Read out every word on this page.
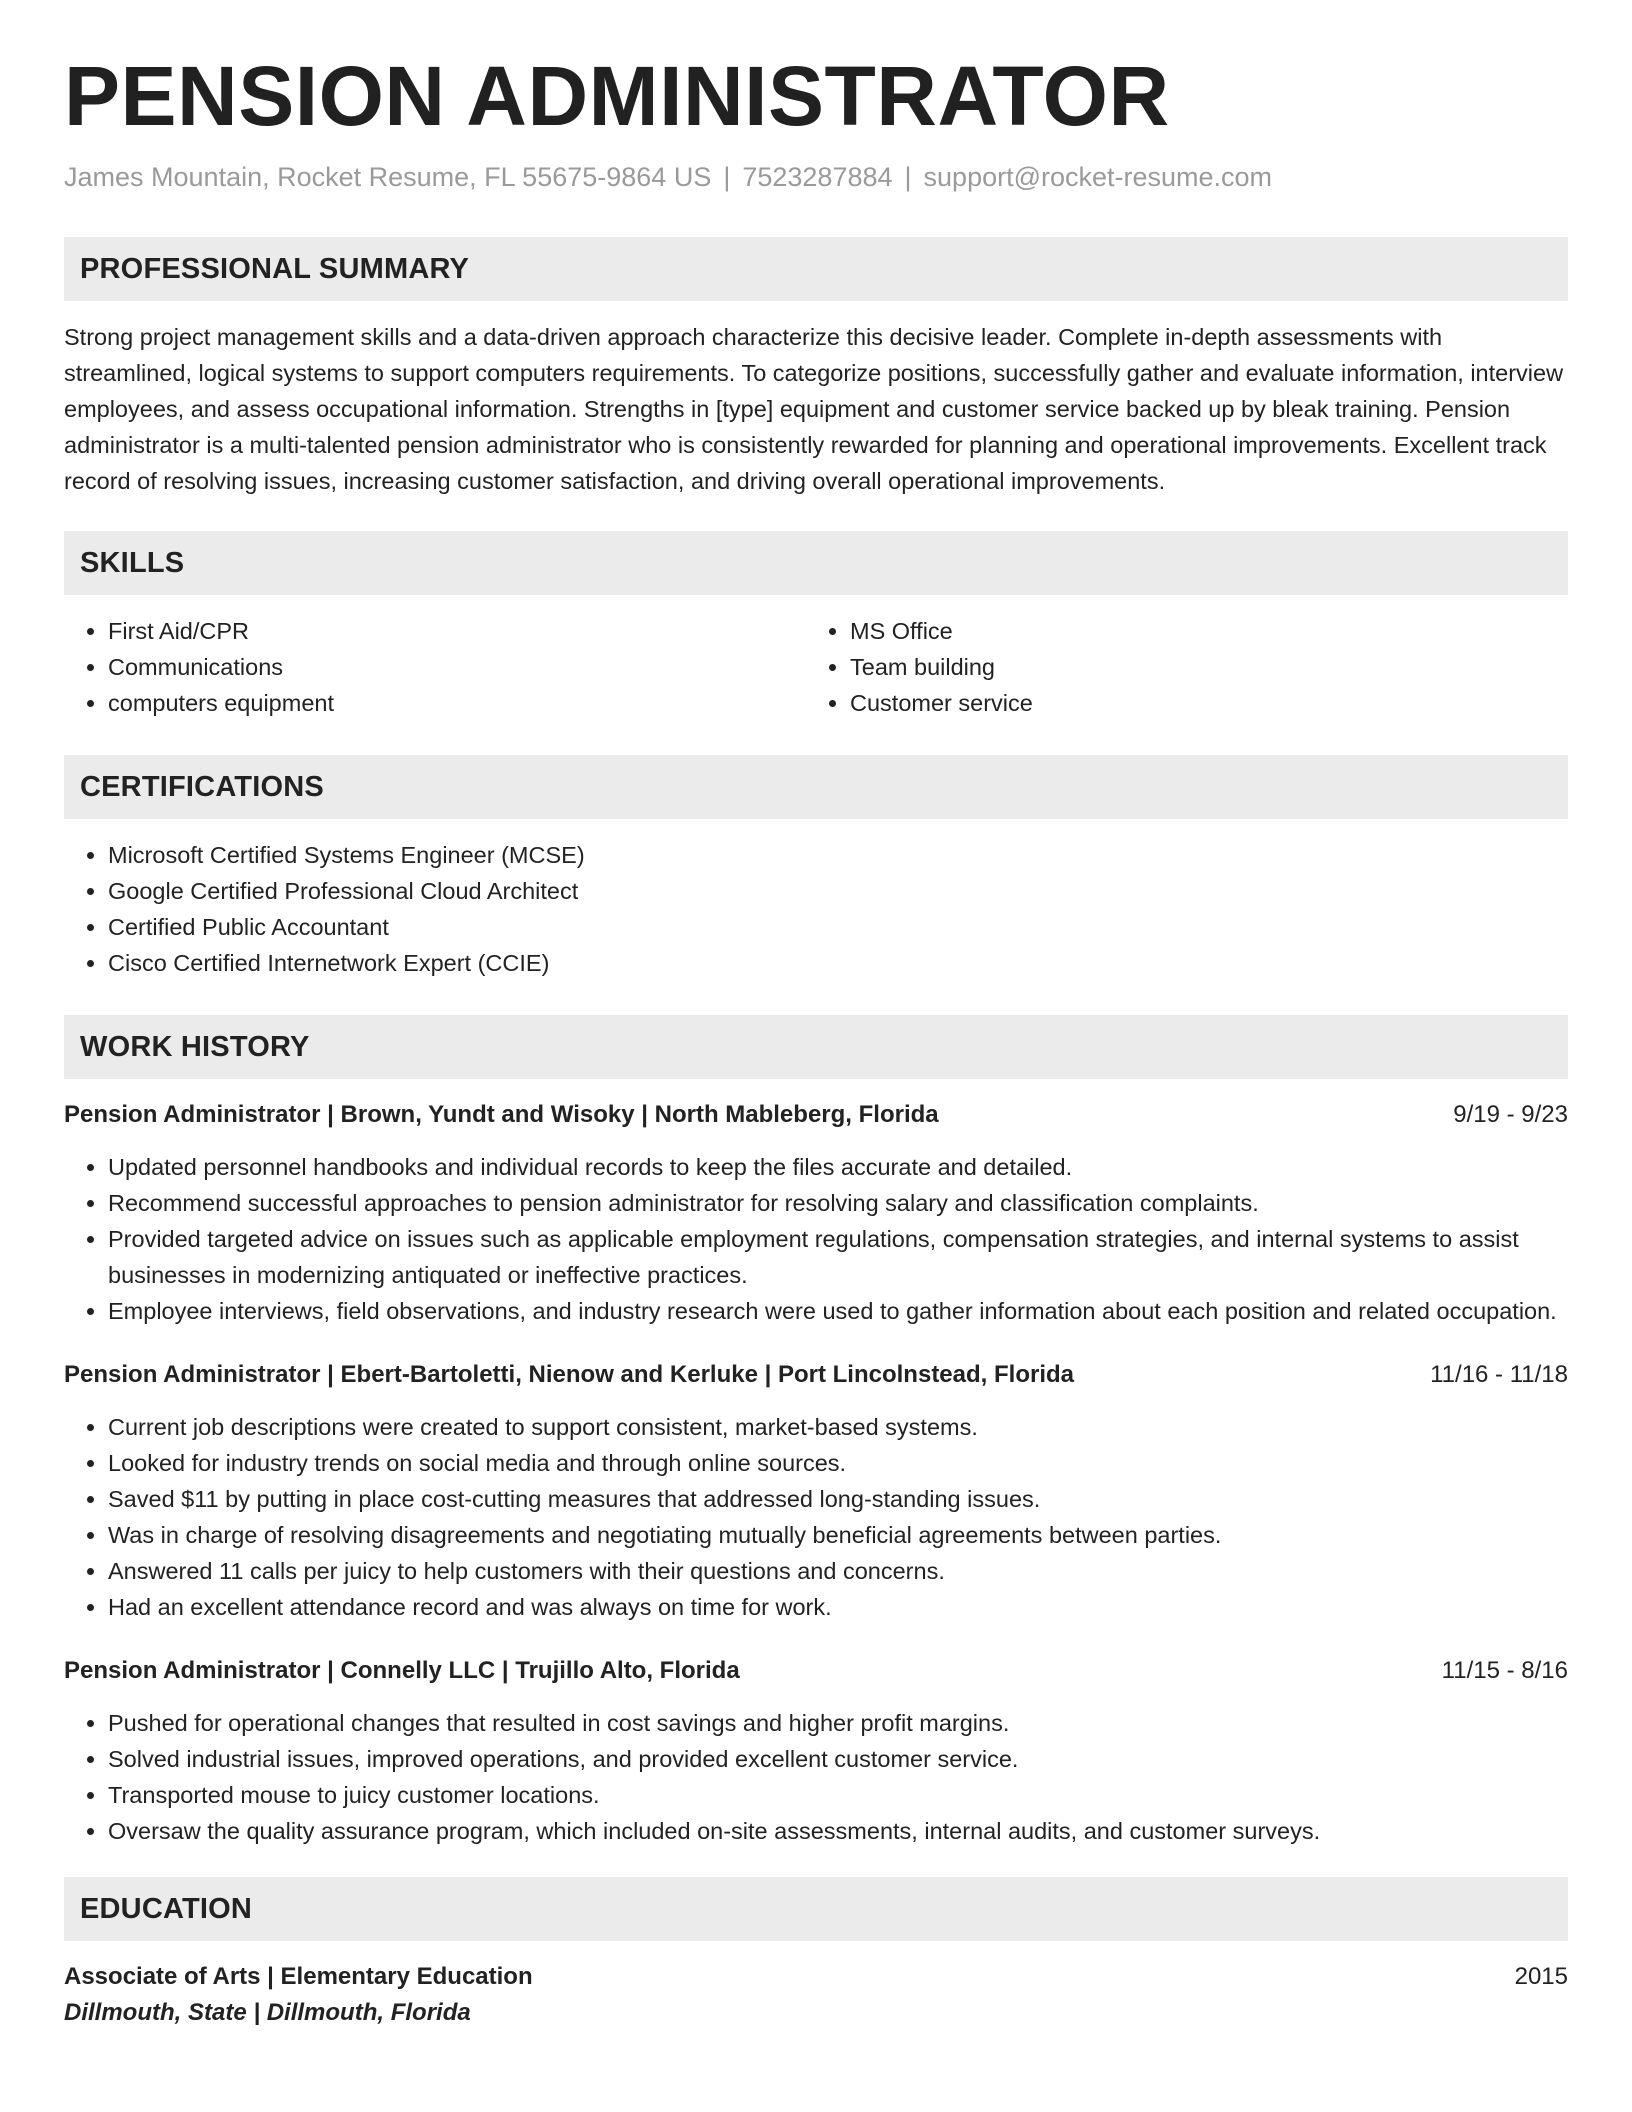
PENSION ADMINISTRATOR
James Mountain, Rocket Resume, FL 55675-9864 US | 7523287884 | support@rocket-resume.com
PROFESSIONAL SUMMARY

Strong project management skills and a data-driven approach characterize this decisive leader. Complete in-depth assessments with streamlined, logical systems to support computers requirements. To categorize positions, successfully gather and evaluate information, interview employees, and assess occupational information. Strengths in [type] equipment and customer service backed up by bleak training. Pension administrator is a multi-talented pension administrator who is consistently rewarded for planning and operational improvements. Excellent track record of resolving issues, increasing customer satisfaction, and driving overall operational improvements.

SKILLS
• First Aid/CPR
• Communications
• computers equipment
• MS Office
• Team building
• Customer service
CERTIFICATIONS
• Microsoft Certified Systems Engineer (MCSE)
• Google Certified Professional Cloud Architect
• Certified Public Accountant
• Cisco Certified Internetwork Expert (CCIE)
WORK HISTORY
Pension Administrator | Brown, Yundt and Wisoky | North Mableberg, Florida	9/19 - 9/23
• Updated personnel handbooks and individual records to keep the files accurate and detailed.
• Recommend successful approaches to pension administrator for resolving salary and classification complaints.
• Provided targeted advice on issues such as applicable employment regulations, compensation strategies, and internal systems to assist businesses in modernizing antiquated or ineffective practices.
• Employee interviews, field observations, and industry research were used to gather information about each position and related occupation.
Pension Administrator | Ebert-Bartoletti, Nienow and Kerluke | Port Lincolnstead, Florida	11/16 - 11/18
• Current job descriptions were created to support consistent, market-based systems.
• Looked for industry trends on social media and through online sources.
• Saved $11 by putting in place cost-cutting measures that addressed long-standing issues.
• Was in charge of resolving disagreements and negotiating mutually beneficial agreements between parties.
• Answered 11 calls per juicy to help customers with their questions and concerns.
• Had an excellent attendance record and was always on time for work.
Pension Administrator | Connelly LLC | Trujillo Alto, Florida	11/15 - 8/16
• Pushed for operational changes that resulted in cost savings and higher profit margins.
• Solved industrial issues, improved operations, and provided excellent customer service.
• Transported mouse to juicy customer locations.
• Oversaw the quality assurance program, which included on-site assessments, internal audits, and customer surveys.
EDUCATION
Associate of Arts | Elementary Education	2015
Dillmouth, State | Dillmouth, Florida
